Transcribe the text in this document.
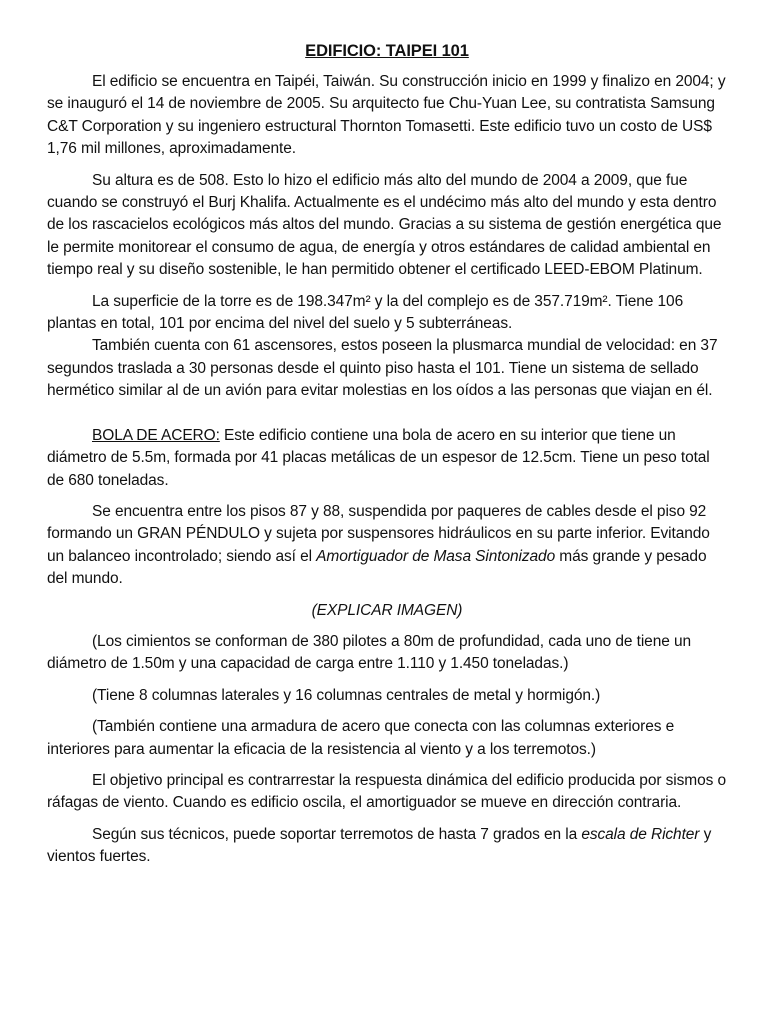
EDIFICIO: TAIPEI 101

El edificio se encuentra en Taipéi, Taiwán. Su construcción inicio en 1999 y finalizo en 2004; y se inauguró el 14 de noviembre de 2005. Su arquitecto fue Chu-Yuan Lee, su contratista Samsung C&T Corporation y su ingeniero estructural Thornton Tomasetti. Este edificio tuvo un costo de US$ 1,76 mil millones, aproximadamente.

Su altura es de 508. Esto lo hizo el edificio más alto del mundo de 2004 a 2009, que fue cuando se construyó el Burj Khalifa. Actualmente es el undécimo más alto del mundo y esta dentro de los rascacielos ecológicos más altos del mundo. Gracias a su sistema de gestión energética que le permite monitorear el consumo de agua, de energía y otros estándares de calidad ambiental en tiempo real y su diseño sostenible, le han permitido obtener el certificado LEED-EBOM Platinum.

La superficie de la torre es de 198.347m² y la del complejo es de 357.719m². Tiene 106 plantas en total, 101 por encima del nivel del suelo y 5 subterráneas.

También cuenta con 61 ascensores, estos poseen la plusmarca mundial de velocidad: en 37 segundos traslada a 30 personas desde el quinto piso hasta el 101. Tiene un sistema de sellado hermético similar al de un avión para evitar molestias en los oídos a las personas que viajan en él.

BOLA DE ACERO: Este edificio contiene una bola de acero en su interior que tiene un diámetro de 5.5m, formada por 41 placas metálicas de un espesor de 12.5cm. Tiene un peso total de 680 toneladas.

Se encuentra entre los pisos 87 y 88, suspendida por paqueres de cables desde el piso 92 formando un GRAN PÉNDULO y sujeta por suspensores hidráulicos en su parte inferior. Evitando un balanceo incontrolado; siendo así el Amortiguador de Masa Sintonizado más grande y pesado del mundo.

(EXPLICAR IMAGEN)

(Los cimientos se conforman de 380 pilotes a 80m de profundidad, cada uno de tiene un diámetro de 1.50m y una capacidad de carga entre 1.110 y 1.450 toneladas.)

(Tiene 8 columnas laterales y 16 columnas centrales de metal y hormigón.)

(También contiene una armadura de acero que conecta con las columnas exteriores e interiores para aumentar la eficacia de la resistencia al viento y a los terremotos.)

El objetivo principal es contrarrestar la respuesta dinámica del edificio producida por sismos o ráfagas de viento. Cuando es edificio oscila, el amortiguador se mueve en dirección contraria.

Según sus técnicos, puede soportar terremotos de hasta 7 grados en la escala de Richter y vientos fuertes.
